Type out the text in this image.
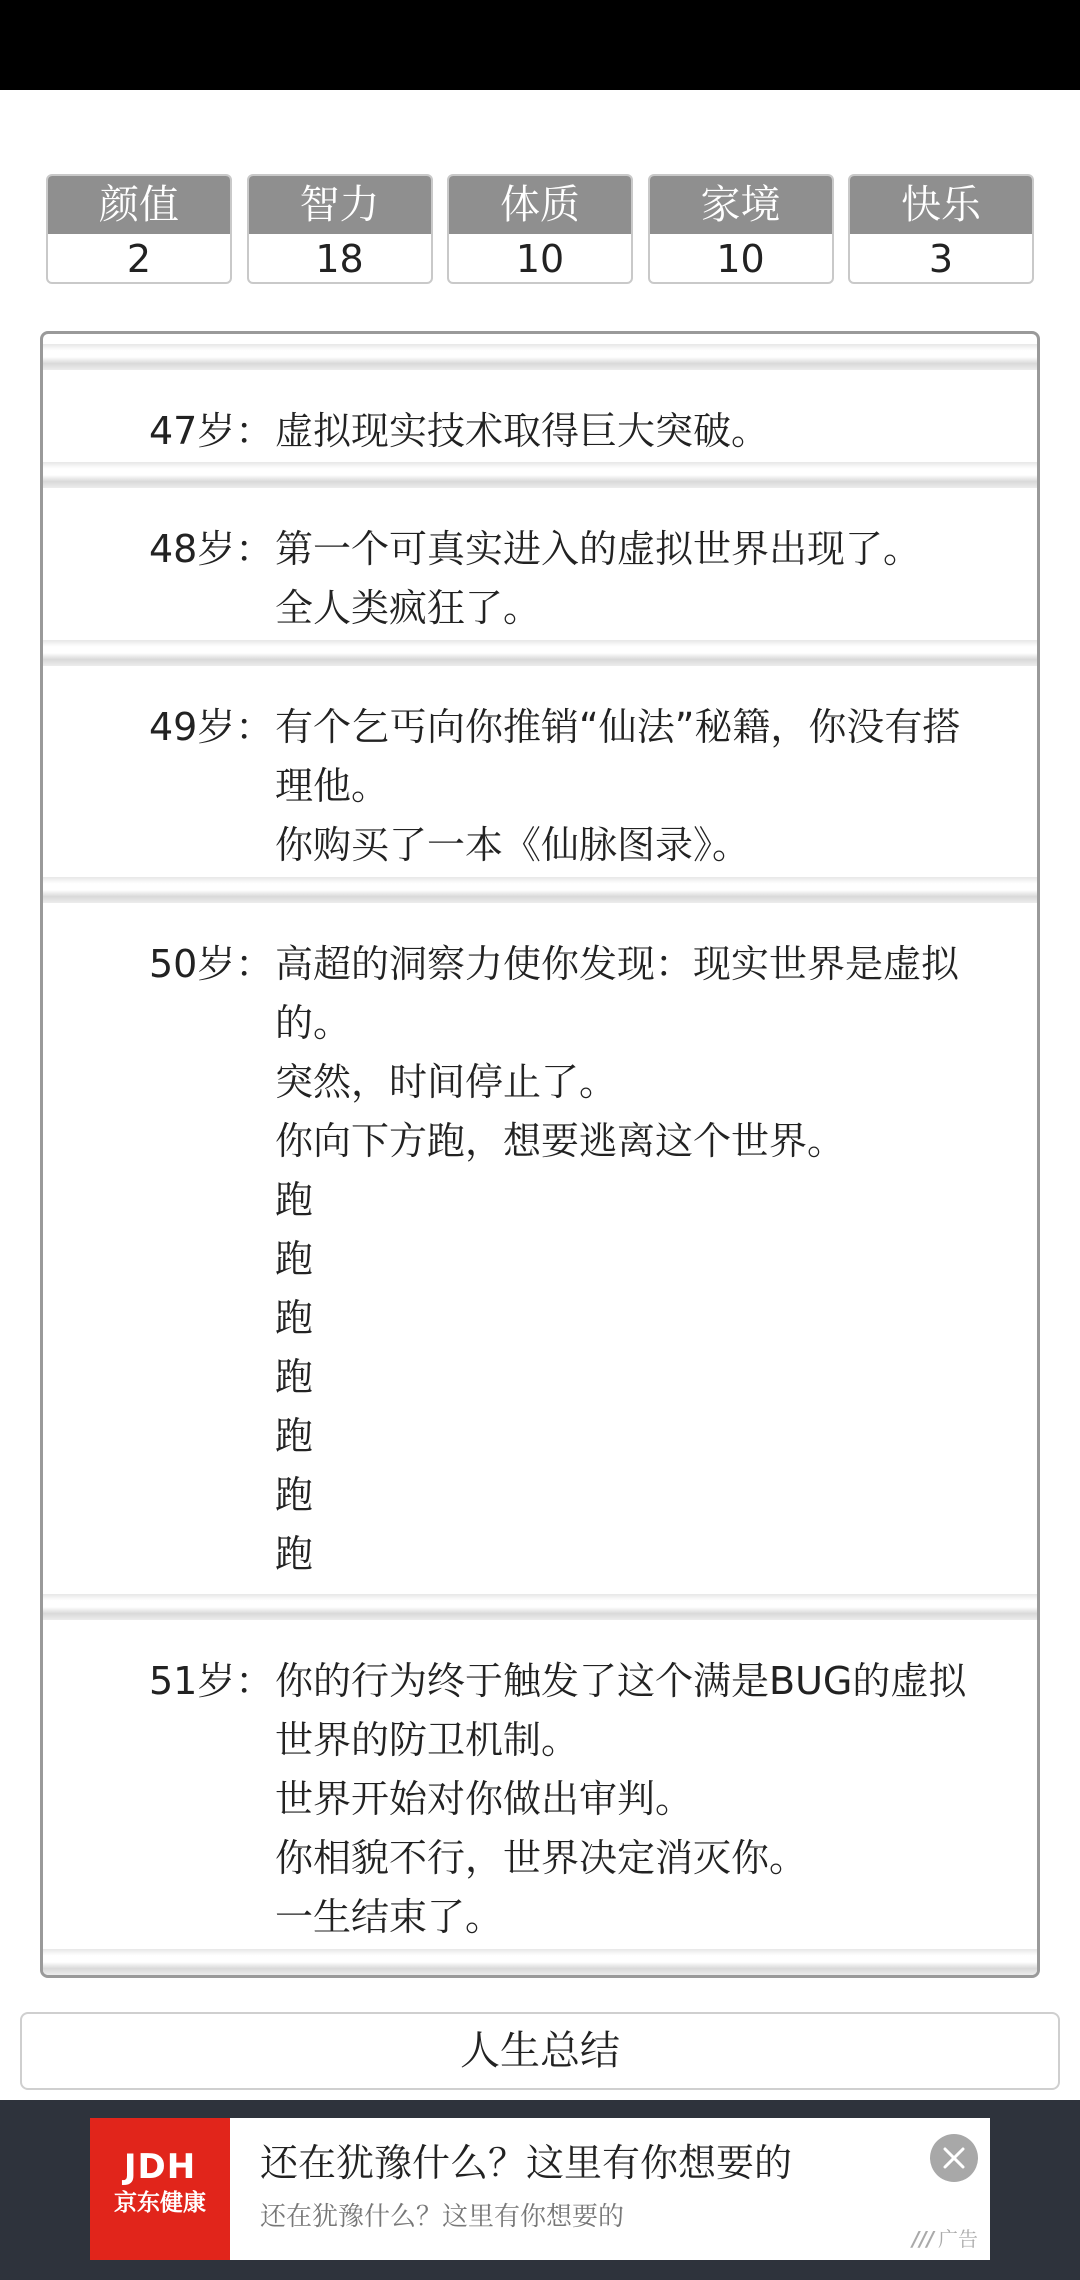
颜值
2
智力
18
体质
10
家境
10
快乐
3
47岁： 虚拟现实技术取得巨大突破。
48岁： 第一个可真实进入的虚拟世界出现了。
全人类疯狂了。
49岁： 有个乞丐向你推销“仙法”秘籍，你没有搭
理他。
你购买了一本《仙脉图录》。
50岁： 高超的洞察力使你发现：现实世界是虚拟
的。
突然，时间停止了。
你向下方跑，想要逃离这个世界。
跑
跑
跑
跑
跑
跑
跑
51岁： 你的行为终于触发了这个满是BUG的虚拟
世界的防卫机制。
世界开始对你做出审判。
你相貌不行，世界决定消灭你。
一生结束了。
人生总结
JDH
京东健康
还在犹豫什么？这里有你想要的
还在犹豫什么？这里有你想要的
/// 广告
